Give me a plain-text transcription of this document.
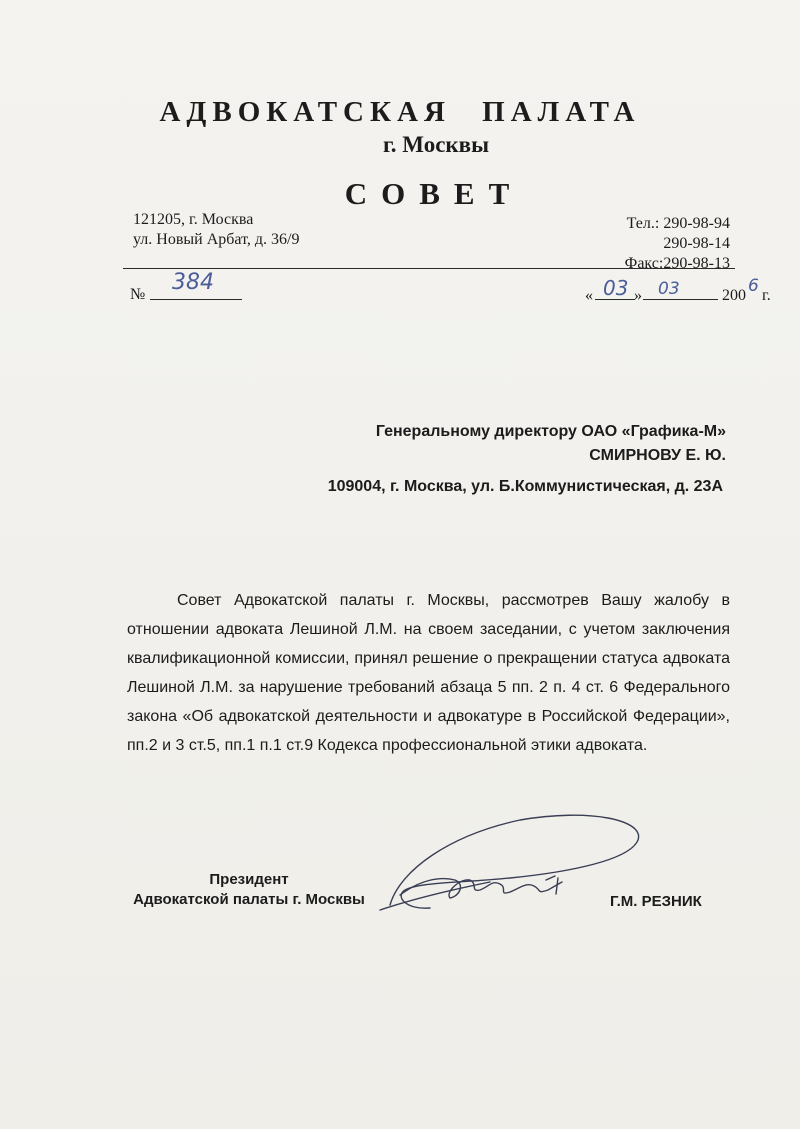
АДВОКАТСКАЯ ПАЛАТА
г. Москвы
СОВЕТ
121205, г. Москва
ул. Новый Арбат, д. 36/9
Тел.: 290-98-94
290-98-14
Факс:290-98-13
№ 384
« 03 » 03	200 6 г.
Генеральному директору ОАО «Графика-М»
СМИРНОВУ Е. Ю.
109004, г. Москва, ул. Б.Коммунистическая, д. 23А
Совет Адвокатской палаты г. Москвы, рассмотрев Вашу жалобу в отношении адвоката Лешиной Л.М. на своем заседании, с учетом заключения квалификационной комиссии, принял решение о прекращении статуса адвоката Лешиной Л.М. за нарушение требований абзаца 5 пп. 2 п. 4 ст. 6 Федерального закона «Об адвокатской деятельности и адвокатуре в Российской Федерации», пп.2 и 3 ст.5, пп.1 п.1 ст.9 Кодекса профессиональной этики адвоката.
Президент
Адвокатской палаты г. Москвы	Г.М. РЕЗНИК
